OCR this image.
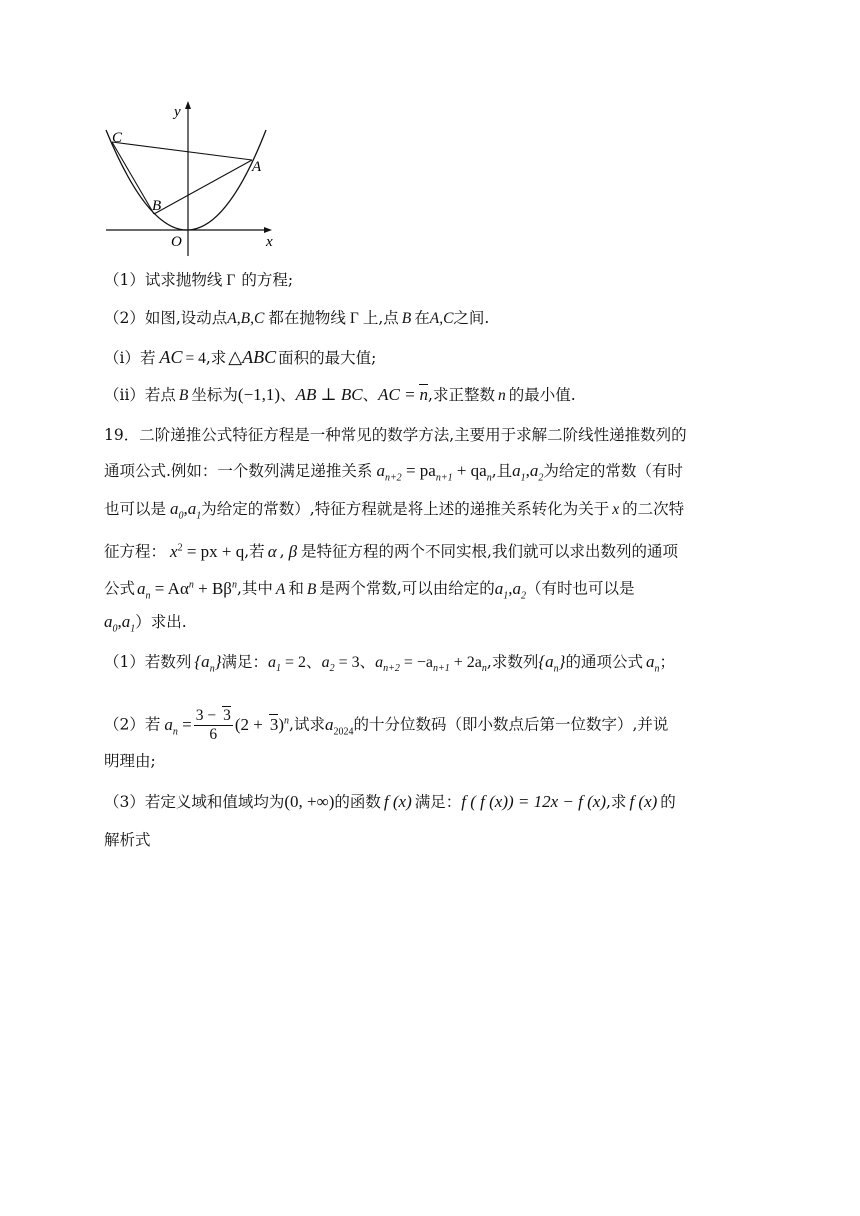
y
x
O
A
B
C

（1）试求抛物线 Γ 的方程;

（2）如图,设动点A,B,C 都在抛物线 Γ 上,点 B 在A,C之间.

（i）若 AC = 4,求 △ABC 面积的最大值;

（ii）若点 B 坐标为(−1,1)、AB ⊥ BC、AC = n,求正整数 n 的最小值.

19．二阶递推公式特征方程是一种常见的数学方法,主要用于求解二阶线性递推数列的

通项公式.例如：一个数列满足递推关系 $a_{n+2} = pa_{n+1} + qa_n$,且$a_1,a_2$为给定的常数（有时

也可以是 $a_0,a_1$为给定的常数）,特征方程就是将上述的递推关系转化为关于 x 的二次特

征方程： $x^2$ = px + q,若 α , β 是特征方程的两个不同实根,我们就可以求出数列的通项

公式 $a_n = A\alpha^n + B\beta^n$,其中 A 和 B 是两个常数,可以由给定的$a_1,a_2$（有时也可以是

$a_0,a_1$）求出.

（1）若数列 $\{a_n\}$满足：$a_1 = 2$、$a_2 = 3$、$a_{n+2} = -a_{n+1} + 2a_n$,求数列$\{a_n\}$的通项公式 $a_n$；

（2）若 $a_n = \frac{3 - 3}{6} (2 + 3)^n$,试求$a_{2024}$的十分位数码（即小数点后第一位数字）,并说

明理由;

（3）若定义域和值域均为(0, +∞)的函数 f (x) 满足：f ( f (x)) = 12x − f (x),求 f (x) 的

解析式
